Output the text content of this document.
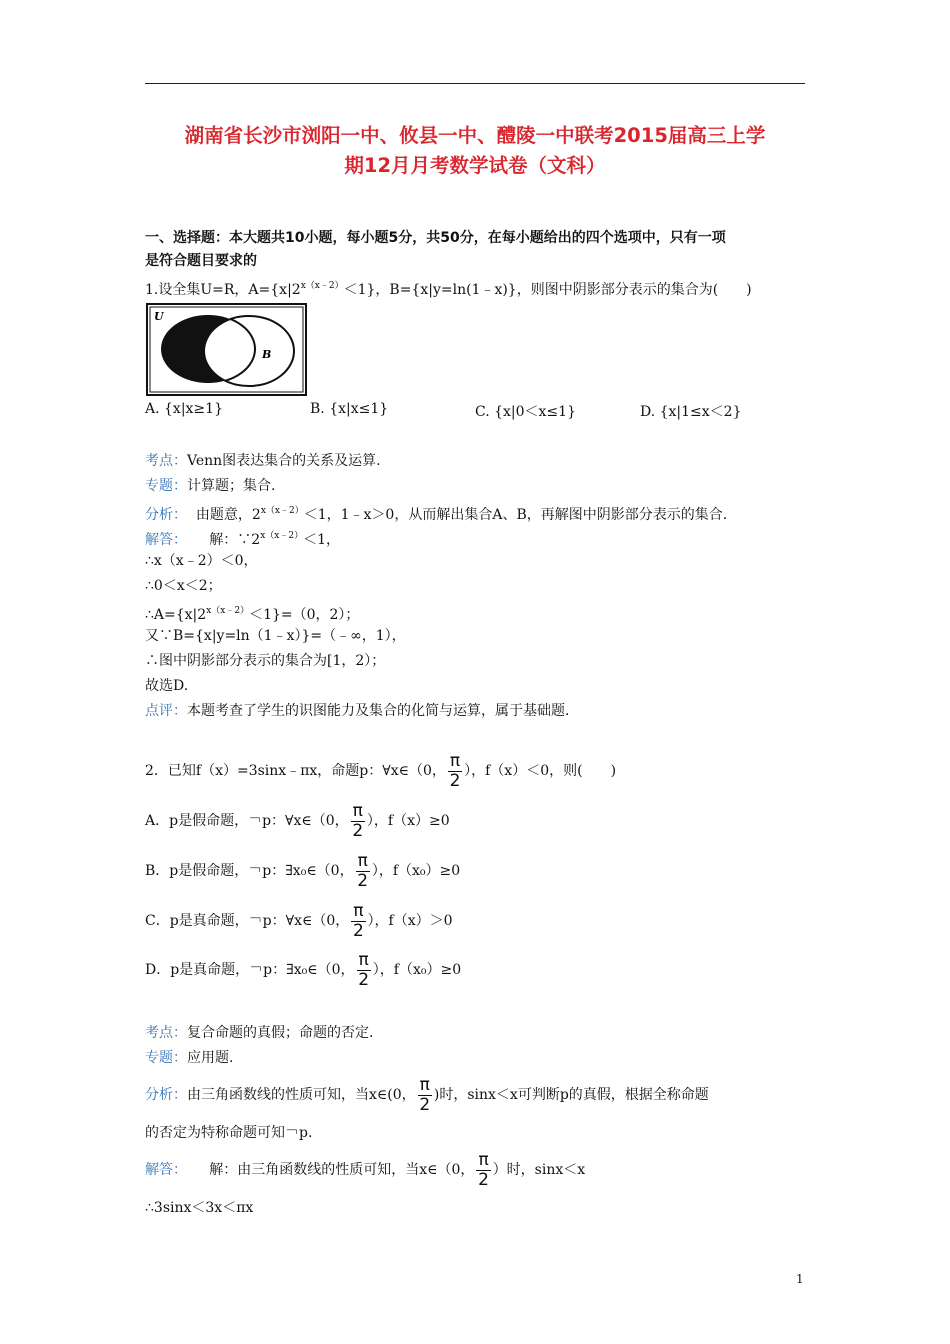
湖南省长沙市浏阳一中、攸县一中、醴陵一中联考2015届高三上学
期12月月考数学试卷（文科）
一、选择题：本大题共10小题，每小题5分，共50分，在每小题给出的四个选项中，只有一项
是符合题目要求的
1.设全集U=R，$A=\{x|2^{x(x﹣2)}<1\}$，B={x|y=ln(1﹣x)}，则图中阴影部分表示的集合为(　　)
U
B
A. {x|x≥1}	B. {x|x≤1}	C. {x|0＜x≤1}	D. {x|1≤x＜2}
考点：Venn图表达集合的关系及运算.
专题：计算题；集合.
分析： 由题意，$2^{x(x﹣2)}<1$，1﹣x＞0，从而解出集合A、B，再解图中阴影部分表示的集合.
解答： 解：$\because 2^{x(x﹣2)}<1$，
∴x（x﹣2）＜0，
∴0＜x＜2；
$\therefore A=\{x|2^{x(x﹣2)}<1\}=(0$，2）；
又∵B={x|y=ln（1﹣x）}=（﹣∞，1），
∴图中阴影部分表示的集合为[1，2）；
故选D.
点评：本题考查了学生的识图能力及集合的化简与运算，属于基础题.
2．已知f（x）=3sinx﹣πx，命题p：∀x∈（0， $\frac{\pi}{2}$ ），f（x）＜0，则(　　)
A．p是假命题，￢p：∀x∈（0， $\frac{\pi}{2}$ ），f（x）≥0
B．p是假命题，￢p：∃x₀∈（0， $\frac{\pi}{2}$ ），f（x₀）≥0
C．p是真命题，￢p：∀x∈（0， $\frac{\pi}{2}$ ），f（x）＞0
D．p是真命题，￢p：∃x₀∈（0， $\frac{\pi}{2}$ ），f（x₀）≥0
考点：复合命题的真假；命题的否定.
专题：应用题.
分析：由三角函数线的性质可知，当x∈(0， $\frac{\pi}{2}$ )时，sinx＜x可判断p的真假，根据全称命题
的否定为特称命题可知￢p.
解答： 解：由三角函数线的性质可知，当x∈（0， $\frac{\pi}{2}$ ）时，sinx＜x
∴3sinx＜3x＜πx
1
